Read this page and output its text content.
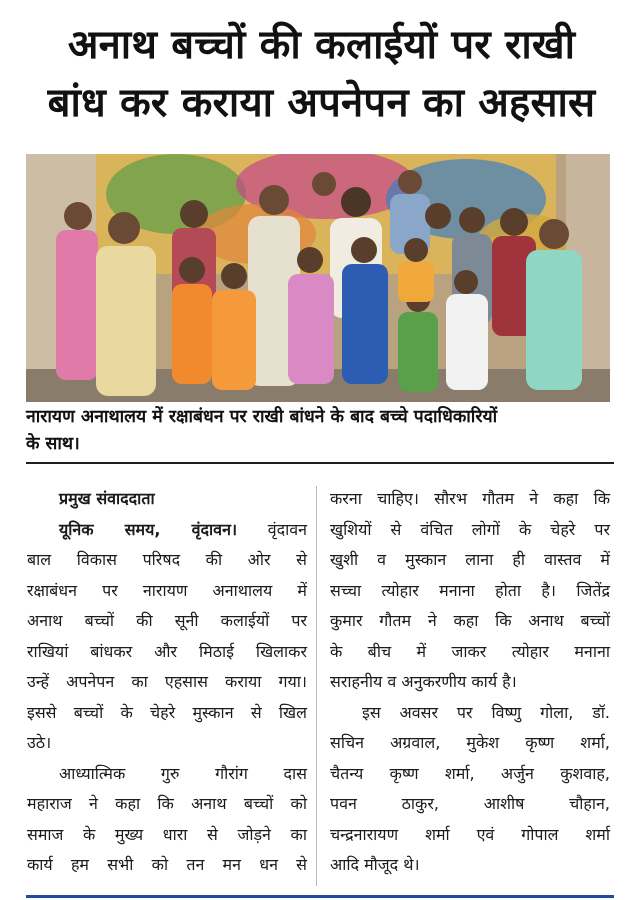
अनाथ बच्चों की कलाईयों पर राखी
बांध कर कराया अपनेपन का अहसास
नारायण अनाथालय में रक्षाबंधन पर राखी बांधने के बाद बच्चे पदाधिकारियों
के साथ।
प्रमुख संवाददाता
यूनिक समय, वृंदावन। वृंदावन
बाल विकास परिषद की ओर से
रक्षाबंधन पर नारायण अनाथालय में
अनाथ बच्चों की सूनी कलाईयों पर
राखियां बांधकर और मिठाई खिलाकर
उन्हें अपनेपन का एहसास कराया गया।
इससे बच्चों के चेहरे मुस्कान से खिल
उठे।
आध्यात्मिक गुरु गौरांग दास
महाराज ने कहा कि अनाथ बच्चों को
समाज के मुख्य धारा से जोड़ने का
कार्य हम सभी को तन मन धन से
करना चाहिए। सौरभ गौतम ने कहा कि
खुशियों से वंचित लोगों के चेहरे पर
खुशी व मुस्कान लाना ही वास्तव में
सच्चा त्योहार मनाना होता है। जितेंद्र
कुमार गौतम ने कहा कि अनाथ बच्चों
के बीच में जाकर त्योहार मनाना
सराहनीय व अनुकरणीय कार्य है।
इस अवसर पर विष्णु गोला, डॉ.
सचिन अग्रवाल, मुकेश कृष्ण शर्मा,
चैतन्य कृष्ण शर्मा, अर्जुन कुशवाह,
पवन ठाकुर, आशीष चौहान,
चन्द्रनारायण शर्मा एवं गोपाल शर्मा
आदि मौजूद थे।
